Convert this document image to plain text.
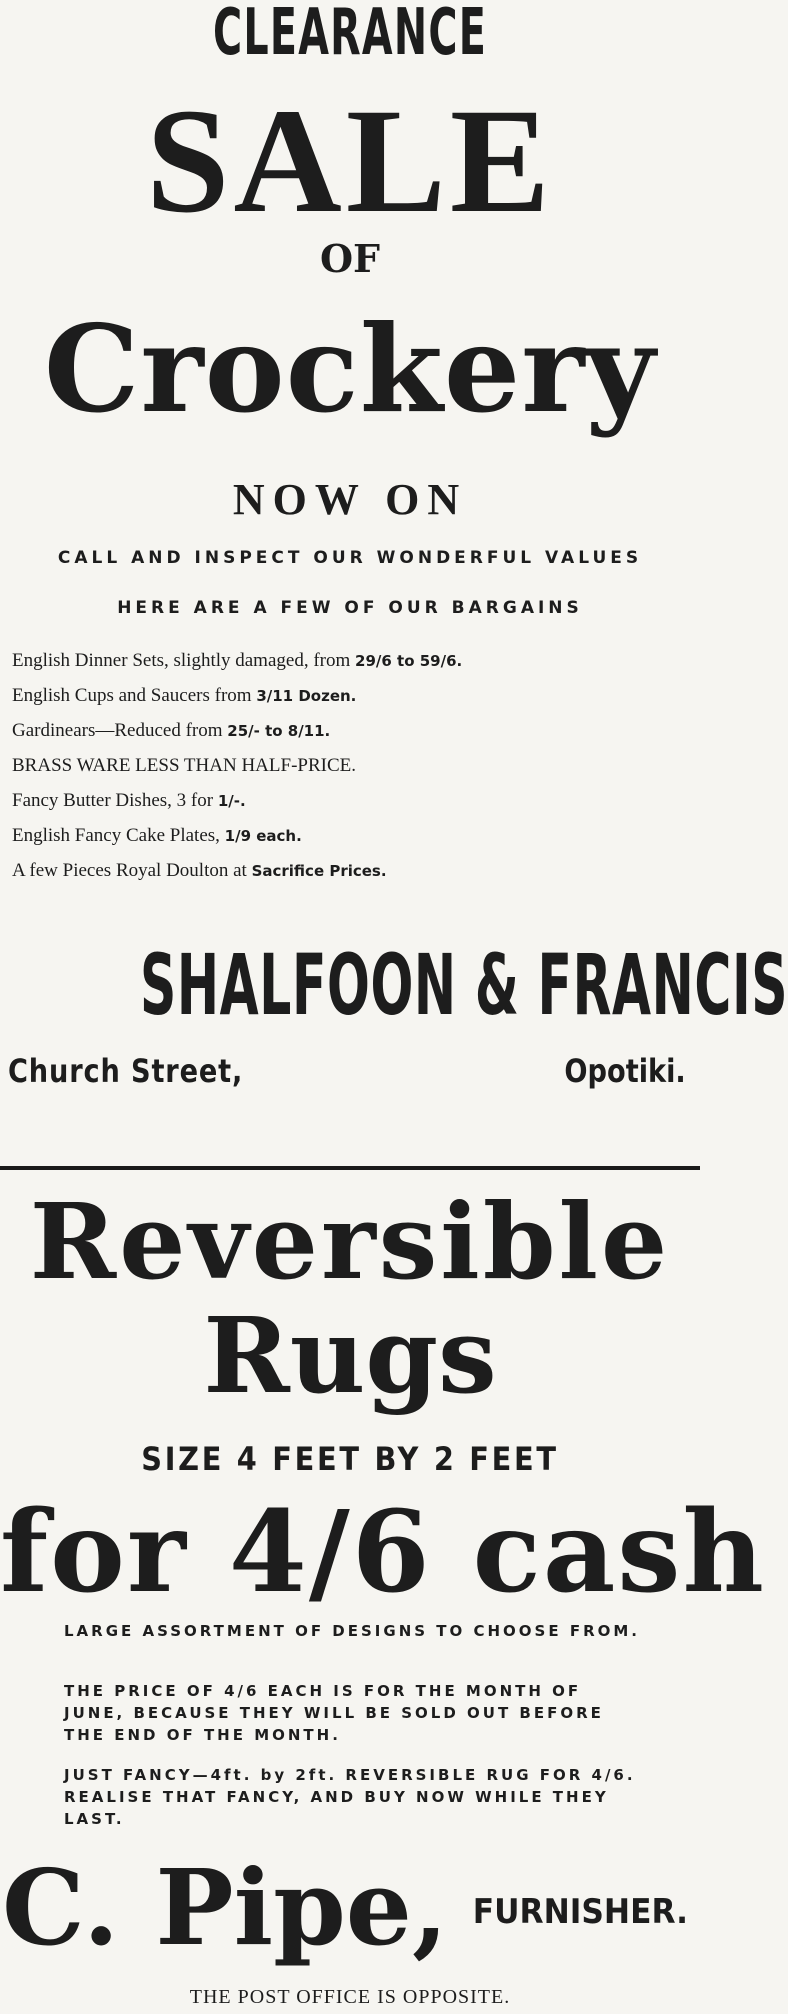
CLEARANCE
SALE
OF
Crockery
NOW ON
CALL AND INSPECT OUR WONDERFUL VALUES
HERE ARE A FEW OF OUR BARGAINS
English Dinner Sets, slightly damaged, from 29/6 to 59/6.
English Cups and Saucers from 3/11 Dozen.
Gardinears—Reduced from 25/- to 8/11.
BRASS WARE LESS THAN HALF-PRICE.
Fancy Butter Dishes, 3 for 1/-.
English Fancy Cake Plates, 1/9 each.
A few Pieces Royal Doulton at Sacrifice Prices.
SHALFOON & FRANCIS
Church Street,	Opotiki.
Reversible
Rugs
SIZE 4 FEET BY 2 FEET
for 4/6 cash
LARGE ASSORTMENT OF DESIGNS TO CHOOSE FROM.
THE PRICE OF 4/6 EACH IS FOR THE MONTH OF JUNE, BECAUSE THEY WILL BE SOLD OUT BEFORE THE END OF THE MONTH.
JUST FANCY—4ft. by 2ft. REVERSIBLE RUG FOR 4/6. REALISE THAT FANCY, AND BUY NOW WHILE THEY LAST.
C. Pipe, FURNISHER.
THE POST OFFICE IS OPPOSITE.
